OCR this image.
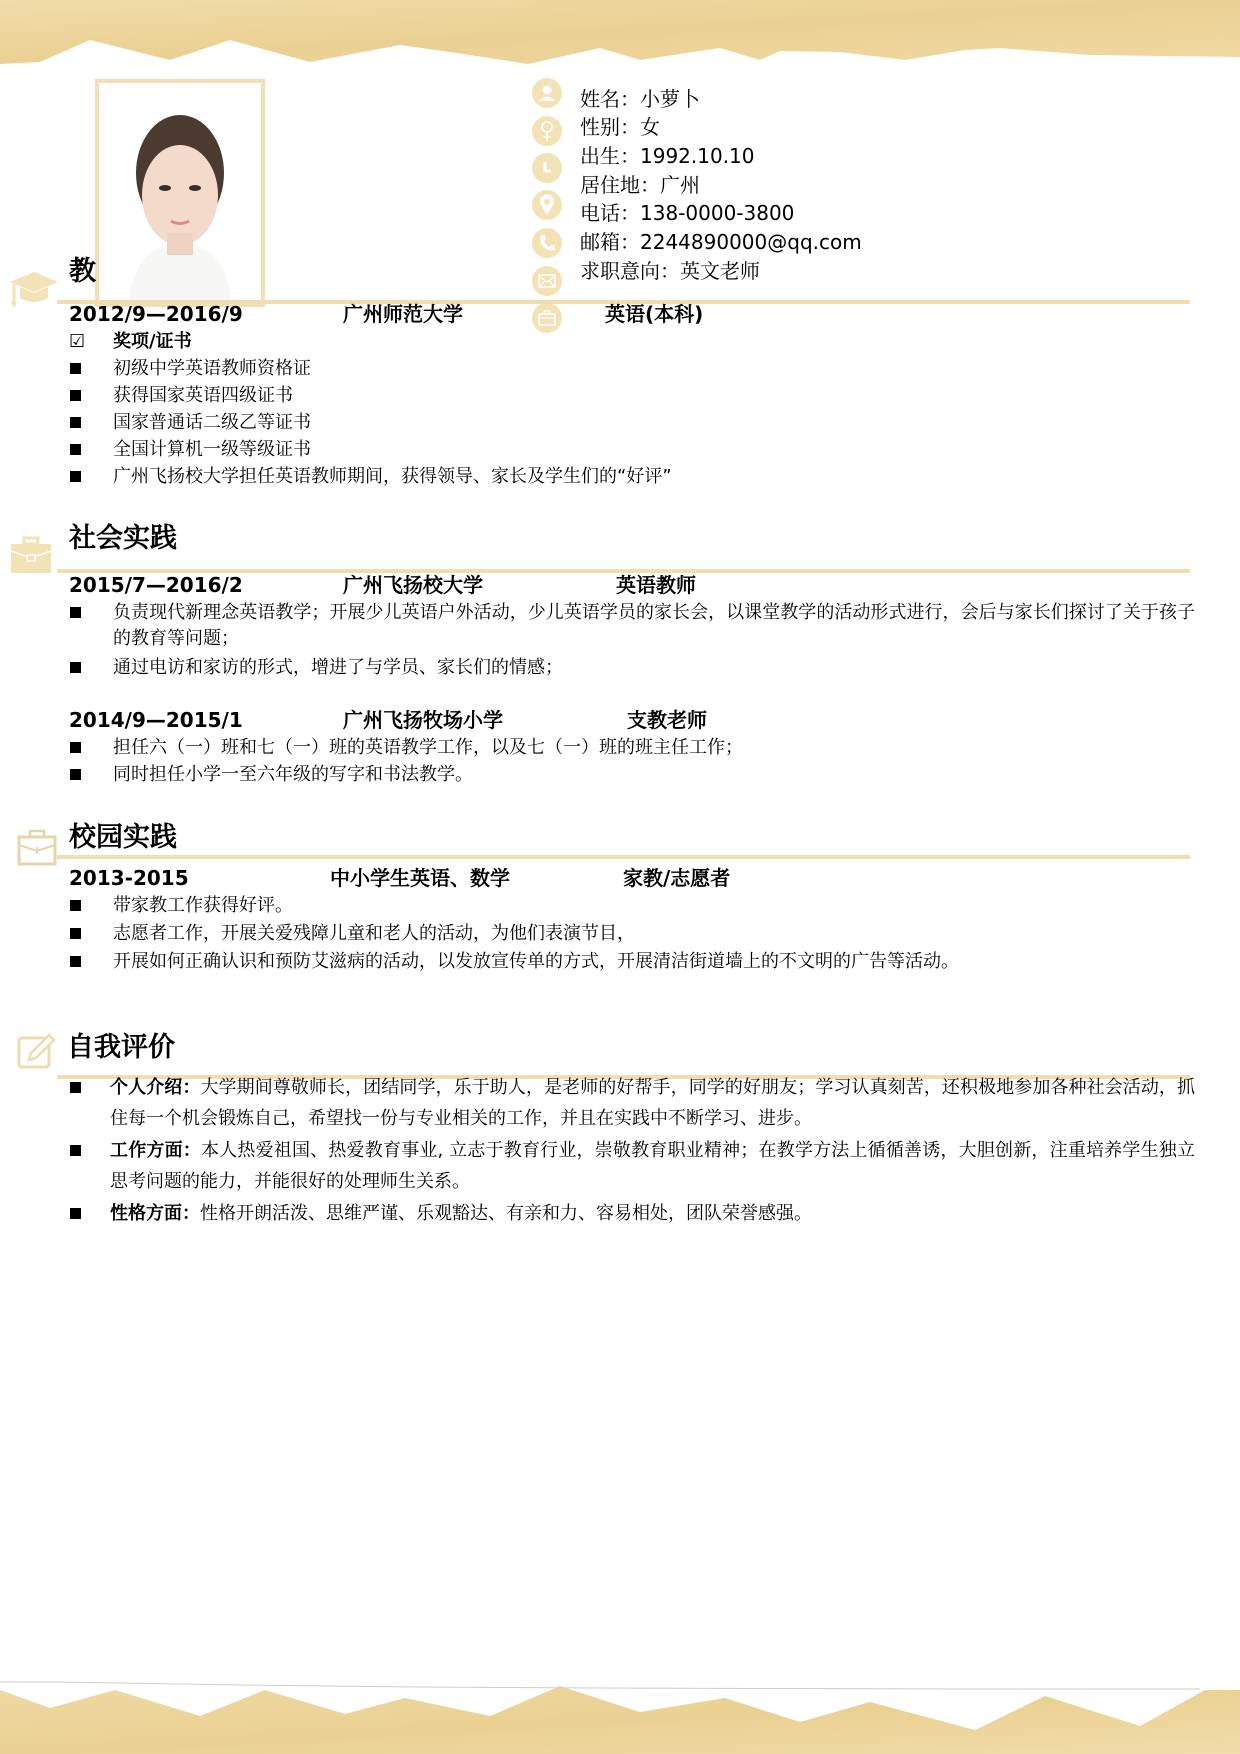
姓名：小萝卜
性别：女
出生：1992.10.10
居住地：广州
电话：138-0000-3800
邮箱：2244890000@qq.com
求职意向：英文老师
教
2012/9—2016/9	广州师范大学	英语(本科)
☑ 奖项/证书
初级中学英语教师资格证
获得国家英语四级证书
国家普通话二级乙等证书
全国计算机一级等级证书
广州飞扬校大学担任英语教师期间，获得领导、家长及学生们的“好评”
社会实践
2015/7—2016/2	广州飞扬校大学	英语教师
负责现代新理念英语教学；开展少儿英语户外活动，少儿英语学员的家长会，以课堂教学的活动形式进行，会后与家长们探讨了关于孩子的教育等问题；
通过电访和家访的形式，增进了与学员、家长们的情感；
2014/9—2015/1	广州飞扬牧场小学	支教老师
担任六（一）班和七（一）班的英语教学工作，以及七（一）班的班主任工作；
同时担任小学一至六年级的写字和书法教学。
校园实践
2013-2015	中小学生英语、数学	家教/志愿者
带家教工作获得好评。
志愿者工作，开展关爱残障儿童和老人的活动，为他们表演节目，
开展如何正确认识和预防艾滋病的活动，以发放宣传单的方式，开展清洁街道墙上的不文明的广告等活动。
自我评价
个人介绍：大学期间尊敬师长，团结同学，乐于助人，是老师的好帮手，同学的好朋友；学习认真刻苦，还积极地参加各种社会活动，抓住每一个机会锻炼自己，希望找一份与专业相关的工作，并且在实践中不断学习、进步。
工作方面：本人热爱祖国、热爱教育事业, 立志于教育行业，崇敬教育职业精神；在教学方法上循循善诱，大胆创新，注重培养学生独立思考问题的能力，并能很好的处理师生关系。
性格方面：性格开朗活泼、思维严谨、乐观豁达、有亲和力、容易相处，团队荣誉感强。
